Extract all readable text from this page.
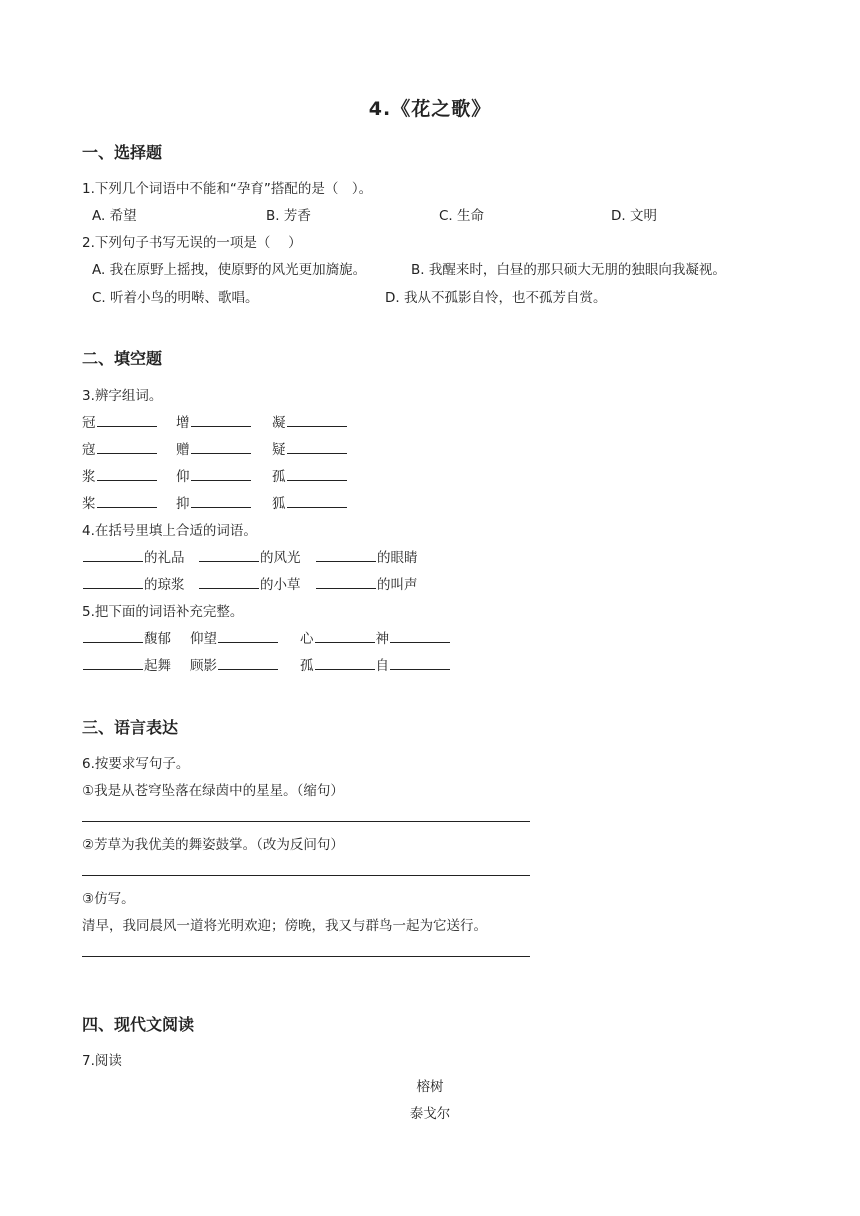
4.《花之歌》
一、选择题
1.下列几个词语中不能和“孕育”搭配的是（　）。
A. 希望	B. 芳香	C. 生命	D. 文明
2.下列句子书写无误的一项是（　 ）
A. 我在原野上摇拽，使原野的风光更加旖旎。	B. 我醒来时，白昼的那只硕大无朋的独眼向我凝视。
C. 听着小鸟的明啭、歌唱。	D. 我从不孤影自怜，也不孤芳自赏。
二、填空题
3.辨字组词。
冠	增	凝
寇	赠	疑
浆	仰	孤
桨	抑	狐
4.在括号里填上合适的词语。
的礼品	的风光	的眼睛
的琼浆	的小草	的叫声
5.把下面的词语补充完整。
馥郁 仰望	心	神
起舞 顾影	孤	自
三、语言表达
6.按要求写句子。
①我是从苍穹坠落在绿茵中的星星。（缩句）
②芳草为我优美的舞姿鼓掌。（改为反问句）
③仿写。
清早，我同晨风一道将光明欢迎；傍晚，我又与群鸟一起为它送行。
四、现代文阅读
7.阅读
榕树
泰戈尔
